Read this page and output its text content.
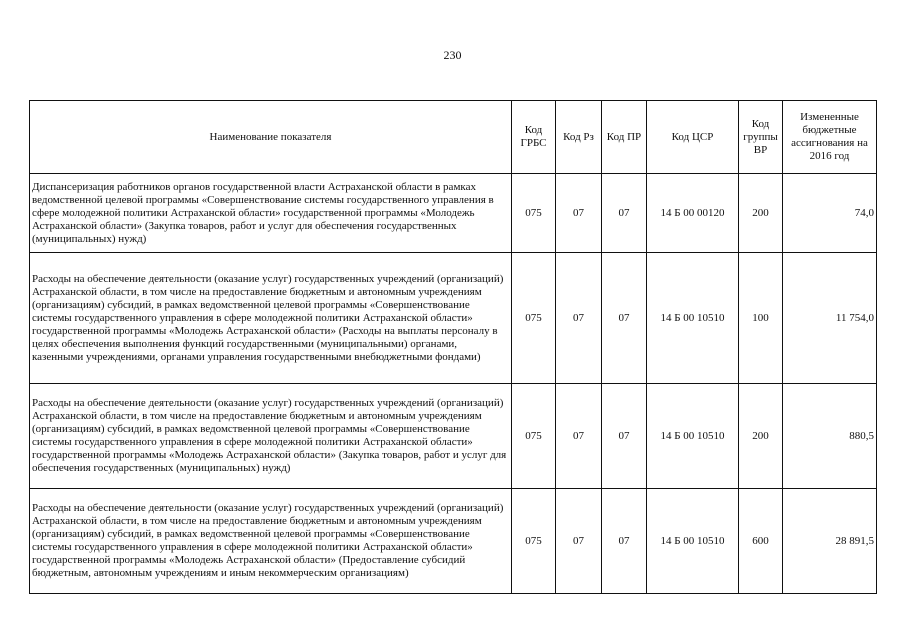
230
Наименование показателя	Код ГРБС	Код Рз	Код ПР	Код ЦСР	Код группы ВР	Измененные бюджетные ассигнования на 2016 год
Диспансеризация работников органов государственной власти Астраханской области в рамках ведомственной целевой программы «Совершенствование системы государственного управления в сфере молодежной политики Астраханской области» государственной программы «Молодежь Астраханской области» (Закупка товаров, работ и услуг для обеспечения государственных (муниципальных) нужд)	075	07	07	14 Б 00 00120	200	74,0
Расходы на обеспечение деятельности (оказание услуг) государственных учреждений (организаций) Астраханской области, в том числе на предоставление бюджетным и автономным учреждениям (организациям) субсидий, в рамках ведомственной целевой программы «Совершенствование системы государственного управления в сфере молодежной политики Астраханской области» государственной программы «Молодежь Астраханской области» (Расходы на выплаты персоналу в целях обеспечения выполнения функций государственными (муниципальными) органами, казенными учреждениями, органами управления государственными внебюджетными фондами)	075	07	07	14 Б 00 10510	100	11 754,0
Расходы на обеспечение деятельности (оказание услуг) государственных учреждений (организаций) Астраханской области, в том числе на предоставление бюджетным и автономным учреждениям (организациям) субсидий, в рамках ведомственной целевой программы «Совершенствование системы государственного управления в сфере молодежной политики Астраханской области» государственной программы «Молодежь Астраханской области» (Закупка товаров, работ и услуг для обеспечения государственных (муниципальных) нужд)	075	07	07	14 Б 00 10510	200	880,5
Расходы на обеспечение деятельности (оказание услуг) государственных учреждений (организаций) Астраханской области, в том числе на предоставление бюджетным и автономным учреждениям (организациям) субсидий, в рамках ведомственной целевой программы «Совершенствование системы государственного управления в сфере молодежной политики Астраханской области» государственной программы «Молодежь Астраханской области» (Предоставление субсидий бюджетным, автономным учреждениям и иным некоммерческим организациям)	075	07	07	14 Б 00 10510	600	28 891,5
